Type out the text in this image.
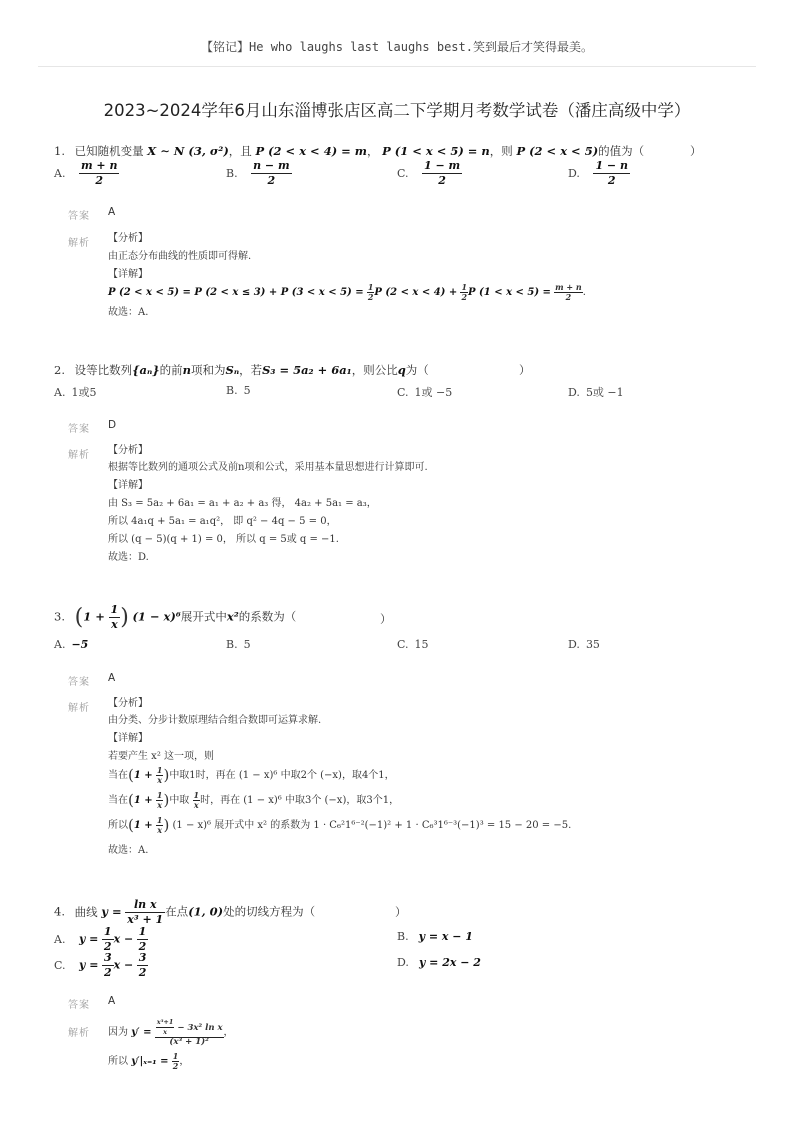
【铭记】He who laughs last laughs best.笑到最后才笑得最美。
2023~2024学年6月山东淄博张店区高二下学期月考数学试卷（潘庄高级中学）
1. 已知随机变量 X ∼ N (3, σ²)，且 P (2 < x < 4) = m， P (1 < x < 5) = n，则 P (2 < x < 5)的值为（	）
A. $\frac{m + n}{2}$	B. $\frac{n - m}{2}$	C. $\frac{1 - m}{2}$	D. $\frac{1 - n}{2}$
答案 A
解析 【分析】
由正态分布曲线的性质即可得解.
【详解】
P (2 < x < 5) = P (2 < x ≤ 3) + P $(3 < x < 5) = \frac{1}{2}$ P $(2 < x < 4) + \frac{1}{2}$ P $(1 < x < 5) = \frac{m + n}{2}$ .
故选：A.
2. 设等比数列{aₙ}的前n项和为Sₙ，若S₃ = 5a₂ + 6a₁，则公比q为（	）
A. 1或5	B. 5	C. 1或 −5	D. 5或 −1
答案 D
解析 【分析】
根据等比数列的通项公式及前n项和公式，采用基本量思想进行计算即可.
【详解】
由 S₃ = 5a₂ + 6a₁ = a₁ + a₂ + a₃ 得， 4a₂ + 5a₁ = a₃，
所以 4a₁q + 5a₁ = a₁q²， 即 q² − 4q − 5 = 0，
所以 (q − 5)(q + 1) = 0， 所以 q = 5或 q = −1.
故选：D.
3. ($1 + \frac{1}{x}$ ) (1 − x)⁶展开式中x²的系数为（	）
A. −5	B. 5	C. 15	D. 35
答案 A
解析 【分析】
由分类、分步计数原理结合组合数即可运算求解.
【详解】
若要产生 x² 这一项，则
当在($1 + \frac{1}{x}$ )中取1时，再在 (1 − x)⁶ 中取2个 (−x)，取4个1，
当在($1 + \frac{1}{x}$ )中取 $\frac{1}{x}$ 时，再在 (1 − x)⁶ 中取3个 (−x)，取3个1，
所以($1 + \frac{1}{x}$ ) (1 − x)⁶ 展开式中 x² 的系数为 1 · C₆²1⁶⁻²(−1)² + 1 · C₆³1⁶⁻³(−1)³ = 15 − 20 = −5.
故选：A.
4. 曲线 $y = \frac{\text{ln x}}{\text{x³ + 1}}$ 在点(1, 0)处的切线方程为（	）
A. $y = \frac{1}{2}$ $x - \frac{1}{2}$	B. y = x − 1
C. $y = \frac{3}{2}$ $x - \frac{3}{2}$	D. y = 2x − 2
答案 A
解析 因为 $y' = \frac{\frac{\text{x³+1}}{x} - 3x^2 \ln x}{\text{(x³ + 1)²}}$ ，
所以 $y'|_{x=1} = \frac{1}{2}$ ，
